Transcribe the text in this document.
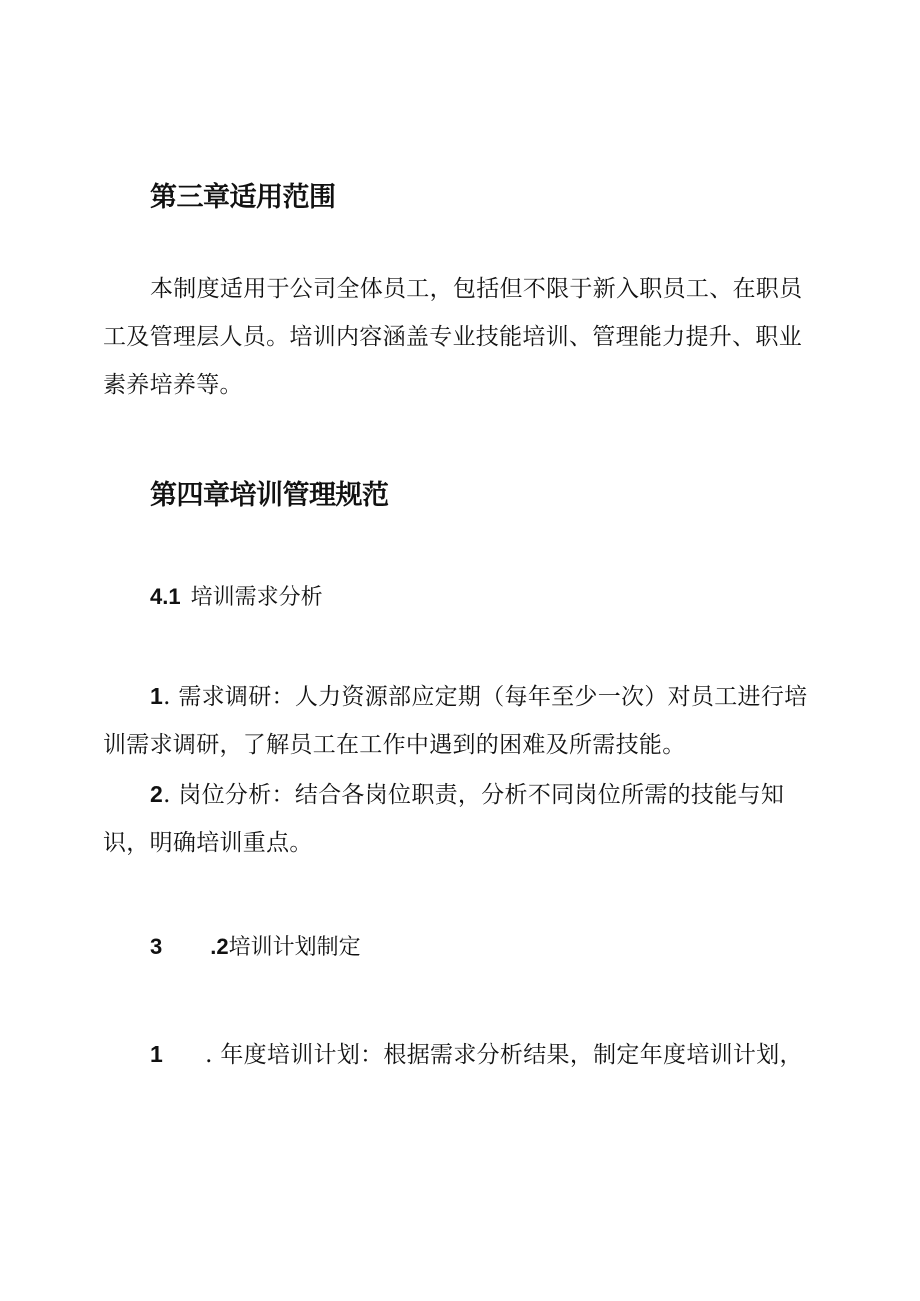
第三章适用范围

本制度适用于公司全体员工，包括但不限于新入职员工、在职员工及管理层人员。培训内容涵盖专业技能培训、管理能力提升、职业素养培养等。

第四章培训管理规范
4.1 培训需求分析

1. 需求调研：人力资源部应定期（每年至少一次）对员工进行培训需求调研，了解员工在工作中遇到的困难及所需技能。

2. 岗位分析：结合各岗位职责，分析不同岗位所需的技能与知识，明确培训重点。

3 .2培训计划制定

1 . 年度培训计划：根据需求分析结果，制定年度培训计划，
